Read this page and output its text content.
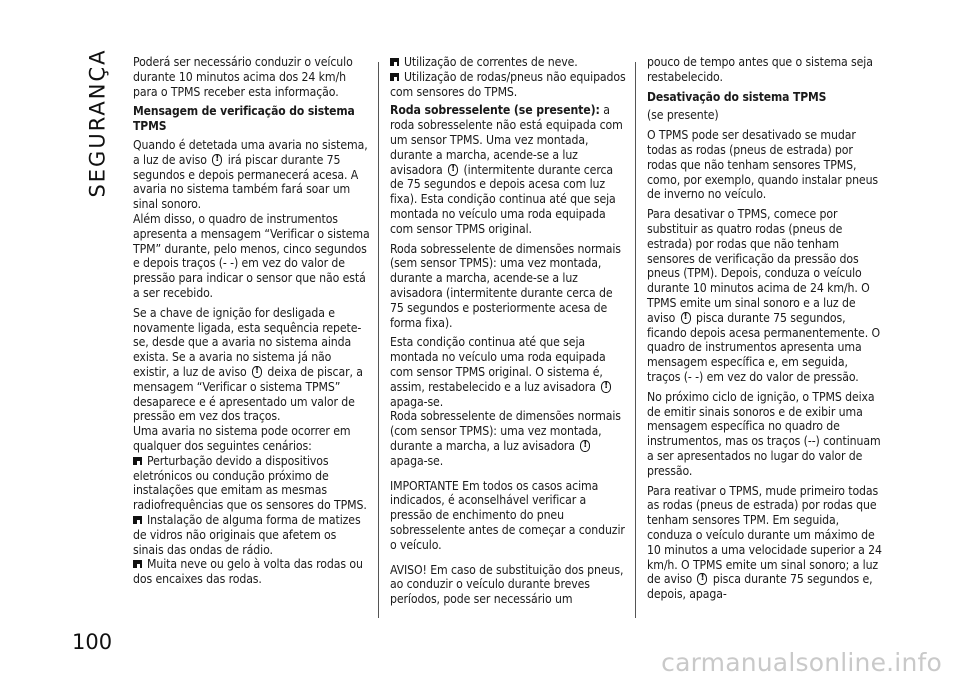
SEGURANÇA
100

Poderá ser necessário conduzir o veículo durante 10 minutos acima dos 24 km/h para o TPMS receber esta informação.

Mensagem de verificação do sistema TPMS

Quando é detetada uma avaria no sistema, a luz de aviso ! irá piscar durante 75 segundos e depois permanecerá acesa. A avaria no sistema também fará soar um sinal sonoro.

Além disso, o quadro de instrumentos apresenta a mensagem “Verificar o sistema TPM” durante, pelo menos, cinco segundos e depois traços (- -) em vez do valor de pressão para indicar o sensor que não está a ser recebido.

Se a chave de ignição for desligada e novamente ligada, esta sequência repete-se, desde que a avaria no sistema ainda exista. Se a avaria no sistema já não existir, a luz de aviso ! deixa de piscar, a mensagem “Verificar o sistema TPMS” desaparece e é apresentado um valor de pressão em vez dos traços.

Uma avaria no sistema pode ocorrer em qualquer dos seguintes cenários:

Perturbação devido a dispositivos eletrónicos ou condução próximo de instalações que emitam as mesmas radiofrequências que os sensores do TPMS.

Instalação de alguma forma de matizes de vidros não originais que afetem os sinais das ondas de rádio.

Muita neve ou gelo à volta das rodas ou dos encaixes das rodas.

Utilização de correntes de neve.

Utilização de rodas/pneus não equipados com sensores do TPMS.

Roda sobresselente (se presente): a roda sobresselente não está equipada com um sensor TPMS. Uma vez montada, durante a marcha, acende-se a luz avisadora ! (intermitente durante cerca de 75 segundos e depois acesa com luz fixa). Esta condição continua até que seja montada no veículo uma roda equipada com sensor TPMS original.

Roda sobresselente de dimensões normais (sem sensor TPMS): uma vez montada, durante a marcha, acende-se a luz avisadora (intermitente durante cerca de 75 segundos e posteriormente acesa de forma fixa).

Esta condição continua até que seja montada no veículo uma roda equipada com sensor TPMS original. O sistema é, assim, restabelecido e a luz avisadora ! apaga-se.

Roda sobresselente de dimensões normais (com sensor TPMS): uma vez montada, durante a marcha, a luz avisadora ! apaga-se.

IMPORTANTE Em todos os casos acima indicados, é aconselhável verificar a pressão de enchimento do pneu sobresselente antes de começar a conduzir o veículo.

AVISO! Em caso de substituição dos pneus, ao conduzir o veículo durante breves períodos, pode ser necessário um

pouco de tempo antes que o sistema seja restabelecido.

Desativação do sistema TPMS

(se presente)

O TPMS pode ser desativado se mudar todas as rodas (pneus de estrada) por rodas que não tenham sensores TPMS, como, por exemplo, quando instalar pneus de inverno no veículo.

Para desativar o TPMS, comece por substituir as quatro rodas (pneus de estrada) por rodas que não tenham sensores de verificação da pressão dos pneus (TPM). Depois, conduza o veículo durante 10 minutos acima de 24 km/h. O TPMS emite um sinal sonoro e a luz de aviso ! pisca durante 75 segundos, ficando depois acesa permanentemente. O quadro de instrumentos apresenta uma mensagem específica e, em seguida, traços (- -) em vez do valor de pressão.

No próximo ciclo de ignição, o TPMS deixa de emitir sinais sonoros e de exibir uma mensagem específica no quadro de instrumentos, mas os traços (--) continuam a ser apresentados no lugar do valor de pressão.

Para reativar o TPMS, mude primeiro todas as rodas (pneus de estrada) por rodas que tenham sensores TPM. Em seguida, conduza o veículo durante um máximo de 10 minutos a uma velocidade superior a 24 km/h. O TPMS emite um sinal sonoro; a luz de aviso ! pisca durante 75 segundos e, depois, apaga-

carmanualsonline.info
